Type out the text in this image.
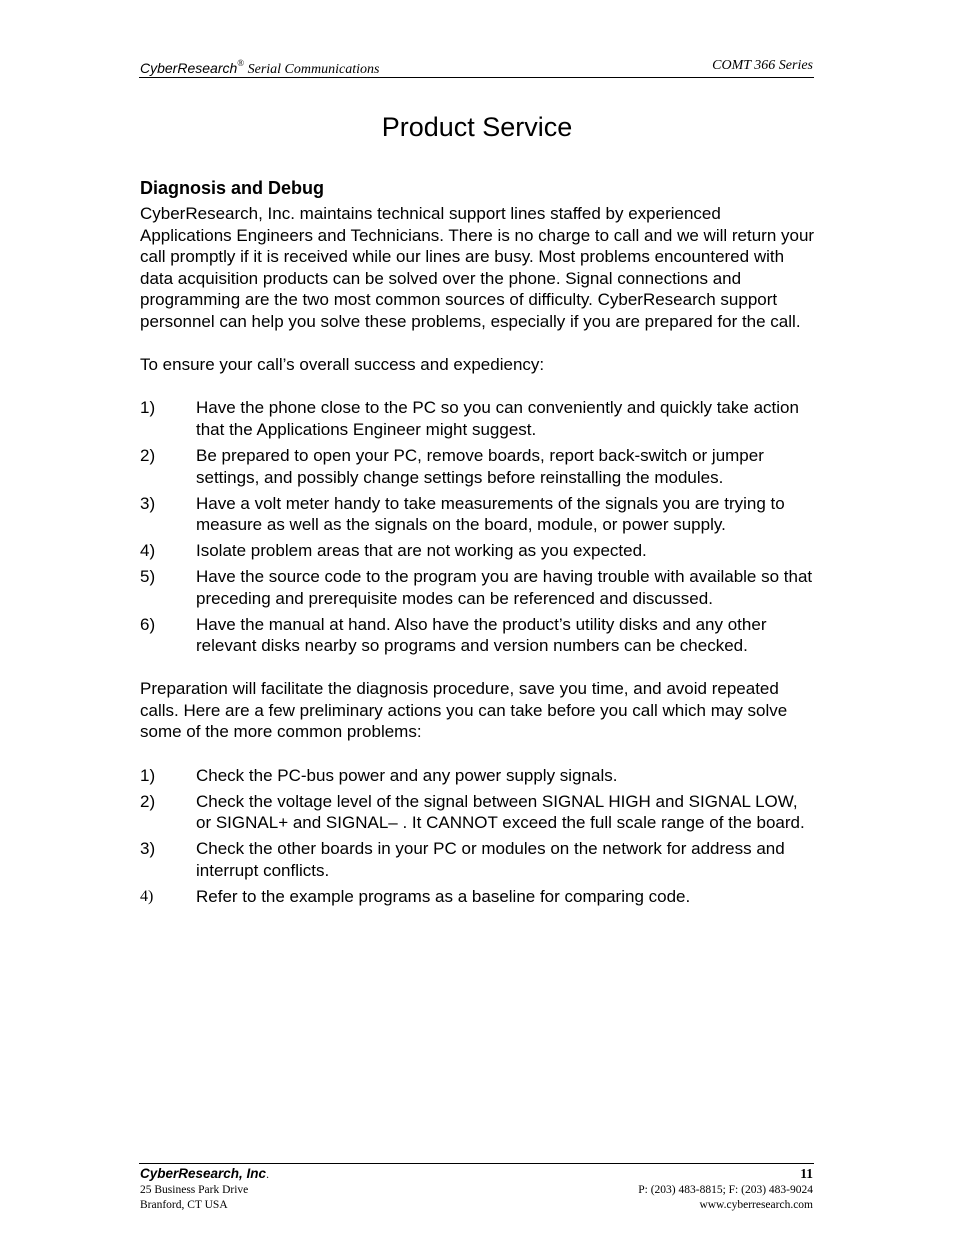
CyberResearch® Serial Communications	COMT 366 Series
Product Service
Diagnosis and Debug

CyberResearch, Inc. maintains technical support lines staffed by experienced Applications Engineers and Technicians. There is no charge to call and we will return your call promptly if it is received while our lines are busy. Most problems encountered with data acquisition products can be solved over the phone. Signal connections and programming are the two most common sources of difficulty. CyberResearch support personnel can help you solve these problems, especially if you are prepared for the call.

To ensure your call’s overall success and expediency:

1) Have the phone close to the PC so you can conveniently and quickly take action that the Applications Engineer might suggest.
2) Be prepared to open your PC, remove boards, report back-switch or jumper settings, and possibly change settings before reinstalling the modules.
3) Have a volt meter handy to take measurements of the signals you are trying to measure as well as the signals on the board, module, or power supply.
4) Isolate problem areas that are not working as you expected.
5) Have the source code to the program you are having trouble with available so that preceding and prerequisite modes can be referenced and discussed.
6) Have the manual at hand. Also have the product’s utility disks and any other relevant disks nearby so programs and version numbers can be checked.

Preparation will facilitate the diagnosis procedure, save you time, and avoid repeated calls. Here are a few preliminary actions you can take before you call which may solve some of the more common problems:

1) Check the PC-bus power and any power supply signals.
2) Check the voltage level of the signal between SIGNAL HIGH and SIGNAL LOW, or SIGNAL+ and SIGNAL– . It CANNOT exceed the full scale range of the board.
3) Check the other boards in your PC or modules on the network for address and interrupt conflicts.
4)	Refer to the example programs as a baseline for comparing code.
CyberResearch, Inc.
25 Business Park Drive
Branford, CT USA
11
P: (203) 483-8815; F: (203) 483-9024
www.cyberresearch.com
